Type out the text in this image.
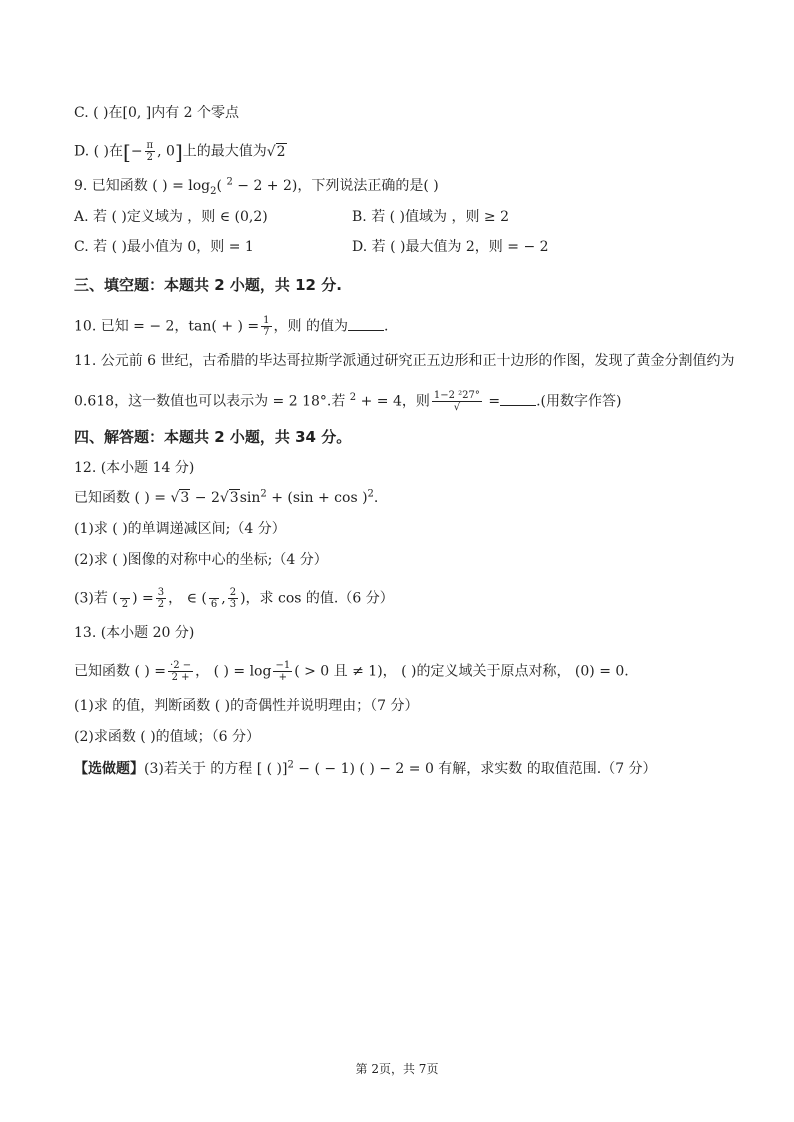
C. ( )在[0, ]内有 2 个零点
D. ( )在[− $\frac{\pi}{2}$ , 0]上的最大值为√2
9. 已知函数 ( ) = $\log_2$( $^2$ − 2 + 2)，下列说法正确的是( )
A. 若 ( )定义域为 ，则 ∈ (0,2)	B. 若 ( )值域为 ，则 ≥ 2
C. 若 ( )最小值为 0，则 = 1	D. 若 ( )最大值为 2，则 = − 2
三、填空题：本题共 2 小题，共 12 分.
10. 已知 = − 2，tan( + ) = $\frac{1}{7}$ ，则 的值为	.
11. 公元前 6 世纪，古希腊的毕达哥拉斯学派通过研究正五边形和正十边形的作图，发现了黄金分割值约为
0.618，这一数值也可以表示为 = 2 18°.若 $^2$ + = 4，则 $\frac{\text{1−2 ²27°}}{√}$ =	.(用数字作答)
四、解答题：本题共 2 小题，共 34 分。
12. (本小题 14 分)
已知函数 ( ) = $√3 - 2√3\sin^2 + (\sin + \cos )^2$.
(1)求 ( )的单调递减区间;（4 分）
(2)求 ( )图像的对称中心的坐标;（4 分）
(3)若 (
2 ) = $\frac{3}{2}$ ， ∈ (
6 , $\frac{2}{3}$ )，求 cos 的值.（6 分）
13. (本小题 20 分)
已知函数 ( ) = $\frac{\cdot 2 -}{2 +}$ ， ( ) = $\log \frac{-1}{+}$ ( > 0 且 ≠ 1)， ( )的定义域关于原点对称， (0) = 0.
(1)求 的值，判断函数 ( )的奇偶性并说明理由；（7 分）
(2)求函数 ( )的值域；（6 分）
【选做题】(3)若关于 的方程 [ ( )]$^2$ − ( − 1) ( ) − 2 = 0 有解，求实数 的取值范围.（7 分）
第 2页，共 7页
